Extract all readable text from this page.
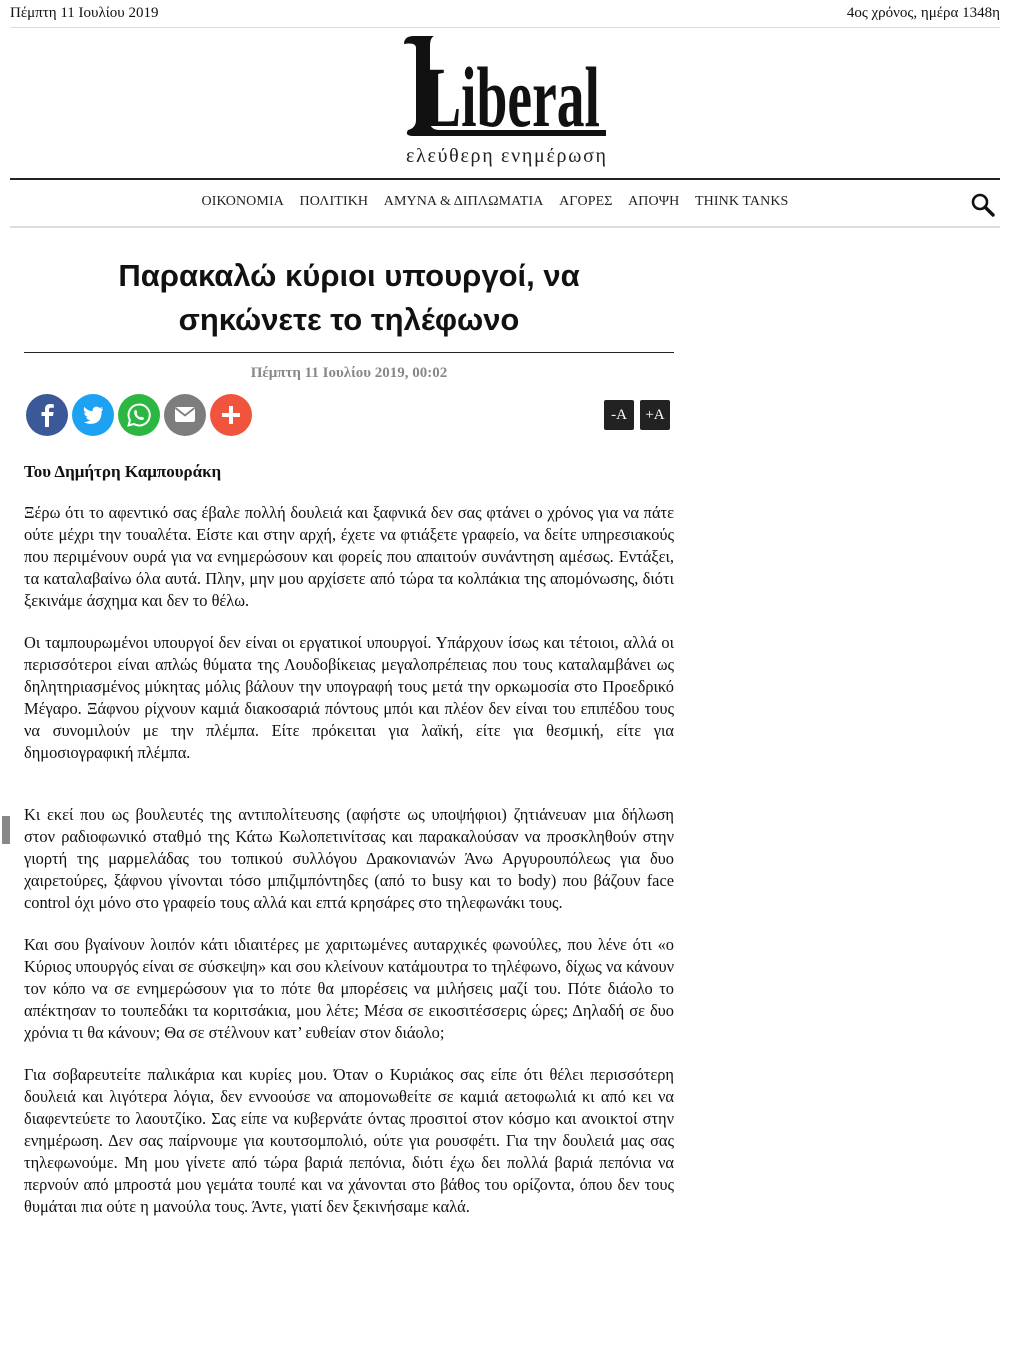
Πέμπτη 11 Ιουλίου 2019	4ος χρόνος, ημέρα 1348η
Liberal
ελεύθερη ενημέρωση
ΟΙΚΟΝΟΜΙΑ ΠΟΛΙΤΙΚΗ ΑΜΥΝΑ & ΔΙΠΛΩΜΑΤΙΑ ΑΓΟΡΕΣ ΑΠΟΨΗ THINK TANKS
Παρακαλώ κύριοι υπουργοί, να
σηκώνετε το τηλέφωνο
Πέμπτη 11 Ιουλίου 2019, 00:02
-A	+A
Του Δημήτρη Καμπουράκη

Ξέρω ότι το αφεντικό σας έβαλε πολλή δουλειά και ξαφνικά δεν σας φτάνει ο χρόνος για να πάτε ούτε μέχρι την τουαλέτα. Είστε και στην αρχή, έχετε να φτιάξετε γραφείο, να δείτε υπηρεσιακούς που περιμένουν ουρά για να ενημερώσουν και φορείς που απαιτούν συνάντηση αμέσως. Εντάξει, τα καταλαβαίνω όλα αυτά. Πλην, μην μου αρχίσετε από τώρα τα κολπάκια της απομόνωσης, διότι ξεκινάμε άσχημα και δεν το θέλω.

Οι ταμπουρωμένοι υπουργοί δεν είναι οι εργατικοί υπουργοί. Υπάρχουν ίσως και τέτοιοι, αλλά οι περισσότεροι είναι απλώς θύματα της Λουδοβίκειας μεγαλοπρέπειας που τους καταλαμβάνει ως δηλητηριασμένος μύκητας μόλις βάλουν την υπογραφή τους μετά την ορκωμοσία στο Προεδρικό Μέγαρο. Ξάφνου ρίχνουν καμιά διακοσαριά πόντους μπόι και πλέον δεν είναι του επιπέδου τους να συνομιλούν με την πλέμπα. Είτε πρόκειται για λαϊκή, είτε για θεσμική, είτε για δημοσιογραφική πλέμπα.

Κι εκεί που ως βουλευτές της αντιπολίτευσης (αφήστε ως υποψήφιοι) ζητιάνευαν μια δήλωση στον ραδιοφωνικό σταθμό της Κάτω Κωλοπετινίτσας και παρακαλούσαν να προσκληθούν στην γιορτή της μαρμελάδας του τοπικού συλλόγου Δρακονιανών Άνω Αργυρουπόλεως για δυο χαιρετούρες, ξάφνου γίνονται τόσο μπιζιμπόντηδες (από το busy και το body) που βάζουν face control όχι μόνο στο γραφείο τους αλλά και επτά κρησάρες στο τηλεφωνάκι τους.

Και σου βγαίνουν λοιπόν κάτι ιδιαιτέρες με χαριτωμένες αυταρχικές φωνούλες, που λένε ότι «ο Κύριος υπουργός είναι σε σύσκεψη» και σου κλείνουν κατάμουτρα το τηλέφωνο, δίχως να κάνουν τον κόπο να σε ενημερώσουν για το πότε θα μπορέσεις να μιλήσεις μαζί του. Πότε διάολο το απέκτησαν το τουπεδάκι τα κοριτσάκια, μου λέτε; Μέσα σε εικοσιτέσσερις ώρες; Δηλαδή σε δυο χρόνια τι θα κάνουν; Θα σε στέλνουν κατ’ ευθείαν στον διάολο;

Για σοβαρευτείτε παλικάρια και κυρίες μου. Όταν ο Κυριάκος σας είπε ότι θέλει περισσότερη δουλειά και λιγότερα λόγια, δεν εννοούσε να απομονωθείτε σε καμιά αετοφωλιά κι από κει να διαφεντεύετε το λαουτζίκο. Σας είπε να κυβερνάτε όντας προσιτοί στον κόσμο και ανοικτοί στην ενημέρωση. Δεν σας παίρνουμε για κουτσομπολιό, ούτε για ρουσφέτι. Για την δουλειά μας σας τηλεφωνούμε. Μη μου γίνετε από τώρα βαριά πεπόνια, διότι έχω δει πολλά βαριά πεπόνια να περνούν από μπροστά μου γεμάτα τουπέ και να χάνονται στο βάθος του ορίζοντα, όπου δεν τους θυμάται πια ούτε η μανούλα τους. Άντε, γιατί δεν ξεκινήσαμε καλά.
